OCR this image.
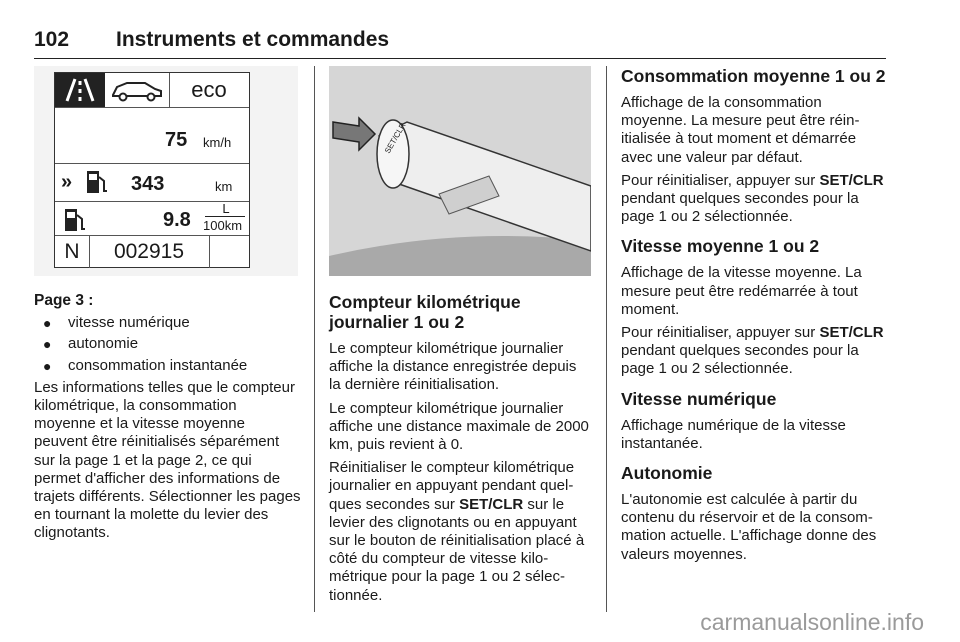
102 Instruments et commandes
eco
75 km/h
»	343	km
9.8
L
100km
N	002915
SET/CLR

Page 3 :

● vitesse numérique
● autonomie
● consommation instantanée

Les informations telles que le compteur kilométrique, la consommation moyenne et la vitesse moyenne peuvent être réinitialisés séparément sur la page 1 et la page 2, ce qui permet d'afficher des informations de trajets différents. Sélectionner les pages en tournant la molette du levier des clignotants.

Compteur kilométrique journalier 1 ou 2

Le compteur kilométrique journalier affiche la distance enregistrée depuis la dernière réinitialisation.

Le compteur kilométrique journalier affiche une distance maximale de 2000 km, puis revient à 0.

Réinitialiser le compteur kilométrique journalier en appuyant pendant quelques secondes sur SET/CLR sur le levier des clignotants ou en appuyant sur le bouton de réinitialisation placé à côté du compteur de vitesse kilométrique pour la page 1 ou 2 sélectionnée.

Consommation moyenne 1 ou 2

Affichage de la consommation moyenne. La mesure peut être réinitialisée à tout moment et démarrée avec une valeur par défaut.

Pour réinitialiser, appuyer sur SET/CLR pendant quelques secondes pour la page 1 ou 2 sélectionnée.

Vitesse moyenne 1 ou 2

Affichage de la vitesse moyenne. La mesure peut être redémarrée à tout moment.

Pour réinitialiser, appuyer sur SET/CLR pendant quelques secondes pour la page 1 ou 2 sélectionnée.

Vitesse numérique

Affichage numérique de la vitesse instantanée.

Autonomie

L'autonomie est calculée à partir du contenu du réservoir et de la consommation actuelle. L'affichage donne des valeurs moyennes.

carmanualsonline.info
